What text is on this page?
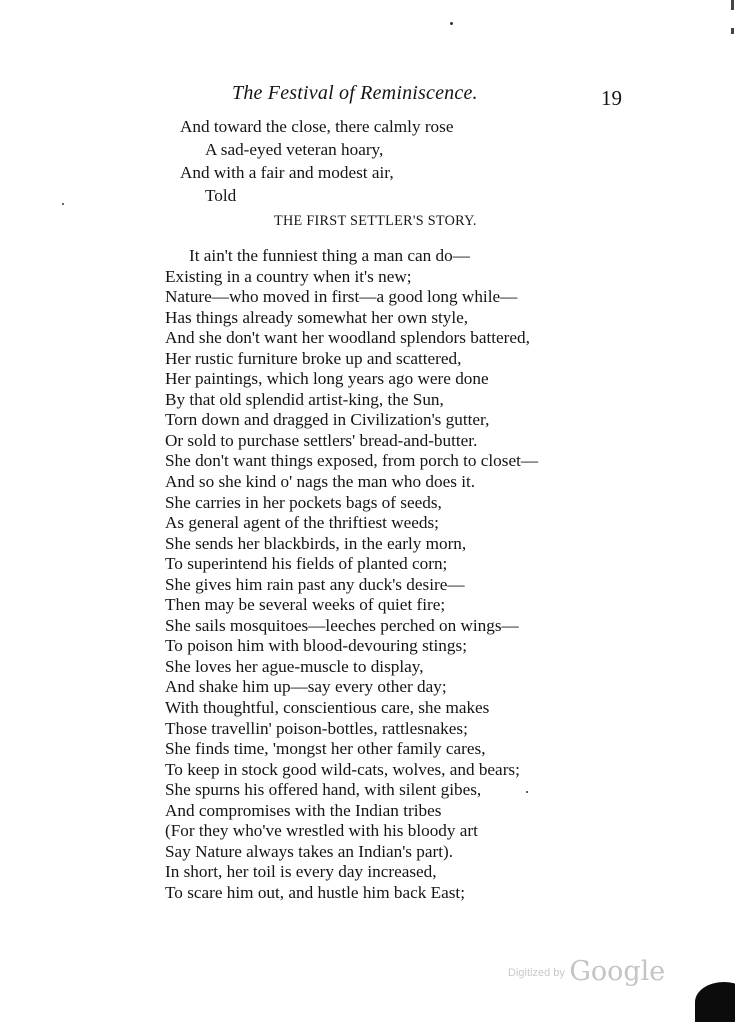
The Festival of Reminiscence.	19
And toward the close, there calmly rose
A sad-eyed veteran hoary,
And with a fair and modest air,
Told
THE FIRST SETTLER'S STORY.
It ain't the funniest thing a man can do—
Existing in a country when it's new;
Nature—who moved in first—a good long while—
Has things already somewhat her own style,
And she don't want her woodland splendors battered,
Her rustic furniture broke up and scattered,
Her paintings, which long years ago were done
By that old splendid artist-king, the Sun,
Torn down and dragged in Civilization's gutter,
Or sold to purchase settlers' bread-and-butter.
She don't want things exposed, from porch to closet—
And so she kind o' nags the man who does it.
She carries in her pockets bags of seeds,
As general agent of the thriftiest weeds;
She sends her blackbirds, in the early morn,
To superintend his fields of planted corn;
She gives him rain past any duck's desire—
Then may be several weeks of quiet fire;
She sails mosquitoes—leeches perched on wings—
To poison him with blood-devouring stings;
She loves her ague-muscle to display,
And shake him up—say every other day;
With thoughtful, conscientious care, she makes
Those travellin' poison-bottles, rattlesnakes;
She finds time, 'mongst her other family cares,
To keep in stock good wild-cats, wolves, and bears;
She spurns his offered hand, with silent gibes,
And compromises with the Indian tribes
(For they who've wrestled with his bloody art
Say Nature always takes an Indian's part).
In short, her toil is every day increased,
To scare him out, and hustle him back East;
$^{Digitized by}$ Google
